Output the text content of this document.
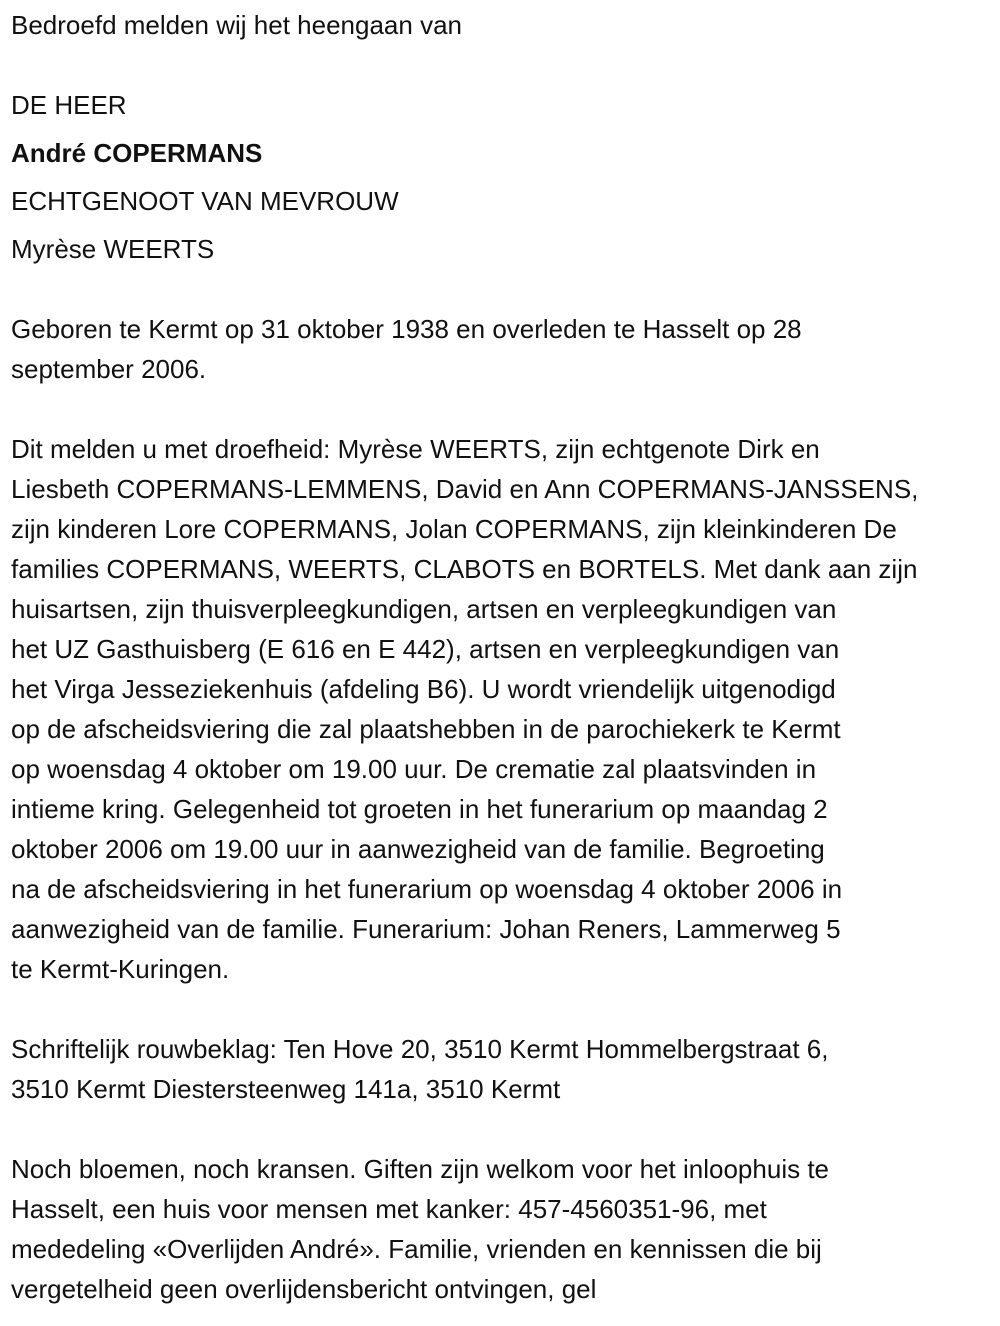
Bedroefd melden wij het heengaan van
DE HEER
André COPERMANS
ECHTGENOOT VAN MEVROUW
Myrèse WEERTS
Geboren te Kermt op 31 oktober 1938 en overleden te Hasselt op 28
september 2006.
Dit melden u met droefheid: Myrèse WEERTS, zijn echtgenote Dirk en
Liesbeth COPERMANS-LEMMENS, David en Ann COPERMANS-JANSSENS,
zijn kinderen Lore COPERMANS, Jolan COPERMANS, zijn kleinkinderen De
families COPERMANS, WEERTS, CLABOTS en BORTELS. Met dank aan zijn
huisartsen, zijn thuisverpleegkundigen, artsen en verpleegkundigen van
het UZ Gasthuisberg (E 616 en E 442), artsen en verpleegkundigen van
het Virga Jesseziekenhuis (afdeling B6). U wordt vriendelijk uitgenodigd
op de afscheidsviering die zal plaatshebben in de parochiekerk te Kermt
op woensdag 4 oktober om 19.00 uur. De crematie zal plaatsvinden in
intieme kring. Gelegenheid tot groeten in het funerarium op maandag 2
oktober 2006 om 19.00 uur in aanwezigheid van de familie. Begroeting
na de afscheidsviering in het funerarium op woensdag 4 oktober 2006 in
aanwezigheid van de familie. Funerarium: Johan Reners, Lammerweg 5
te Kermt-Kuringen.
Schriftelijk rouwbeklag: Ten Hove 20, 3510 Kermt Hommelbergstraat 6,
3510 Kermt Diestersteenweg 141a, 3510 Kermt
Noch bloemen, noch kransen. Giften zijn welkom voor het inloophuis te
Hasselt, een huis voor mensen met kanker: 457-4560351-96, met
mededeling «Overlijden André». Familie, vrienden en kennissen die bij
vergetelheid geen overlijdensbericht ontvingen, gel
